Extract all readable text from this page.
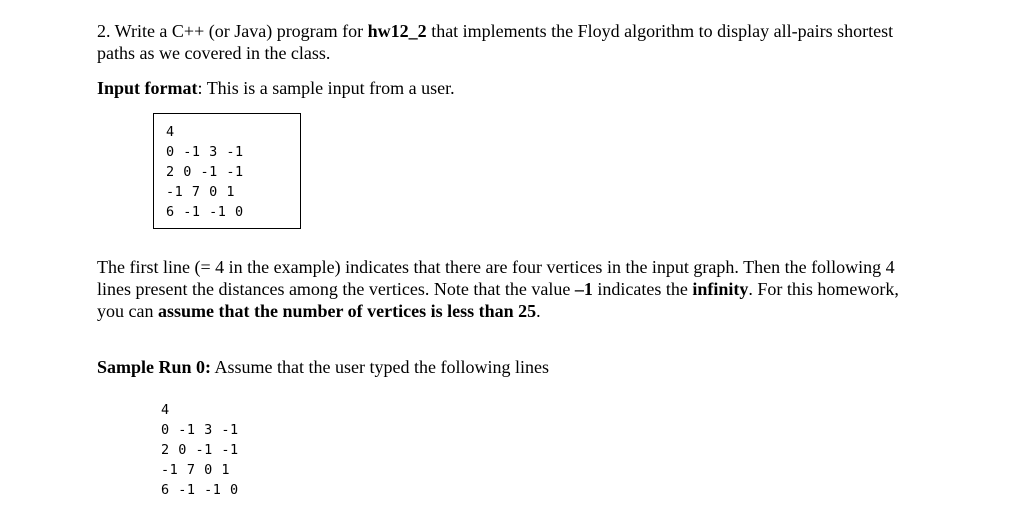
2. Write a C++ (or Java) program for hw12_2 that implements the Floyd algorithm to display all-pairs shortest paths as we covered in the class.

Input format: This is a sample input from a user.

4
0 -1 3 -1
2 0 -1 -1
-1 7 0 1
6 -1 -1 0

The first line (= 4 in the example) indicates that there are four vertices in the input graph. Then the following 4 lines present the distances among the vertices. Note that the value –1 indicates the infinity. For this homework, you can assume that the number of vertices is less than 25.

Sample Run 0: Assume that the user typed the following lines

4
0 -1 3 -1
2 0 -1 -1
-1 7 0 1
6 -1 -1 0
